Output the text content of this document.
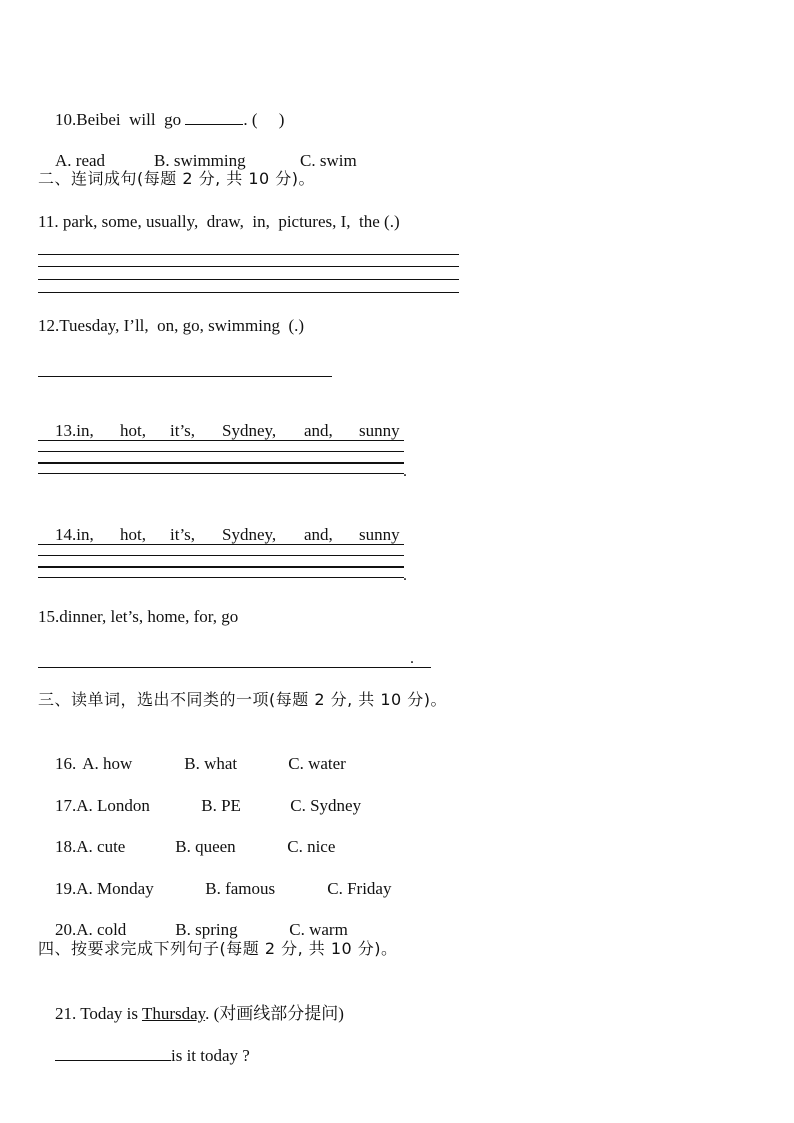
10.Beibei  will  go	. (     )

A. read	B. swimming	C. swim

二、连词成句(每题 2 分, 共 10 分)。
11. park, some, usually,  draw,  in,  pictures, I,  the (.)
12.Tuesday, I’ll,  on, go, swimming  (.)

13.in, hot, it’s, Sydney, and, sunny

.

14.in, hot, it’s, Sydney, and, sunny

.
15.dinner, let’s, home, for, go
.
三、读单词，选出不同类的一项(每题 2 分, 共 10 分)。

16. A. how	B. what	C. water

17.A. London	B. PE	C. Sydney

18.A. cute	B. queen	C. nice

19.A. Monday	B. famous	C. Friday

20.A. cold	B. spring	C. warm

四、按要求完成下列句子(每题 2 分, 共 10 分)。

21. Today is Thursday. (对画线部分提问)

is it today ?
